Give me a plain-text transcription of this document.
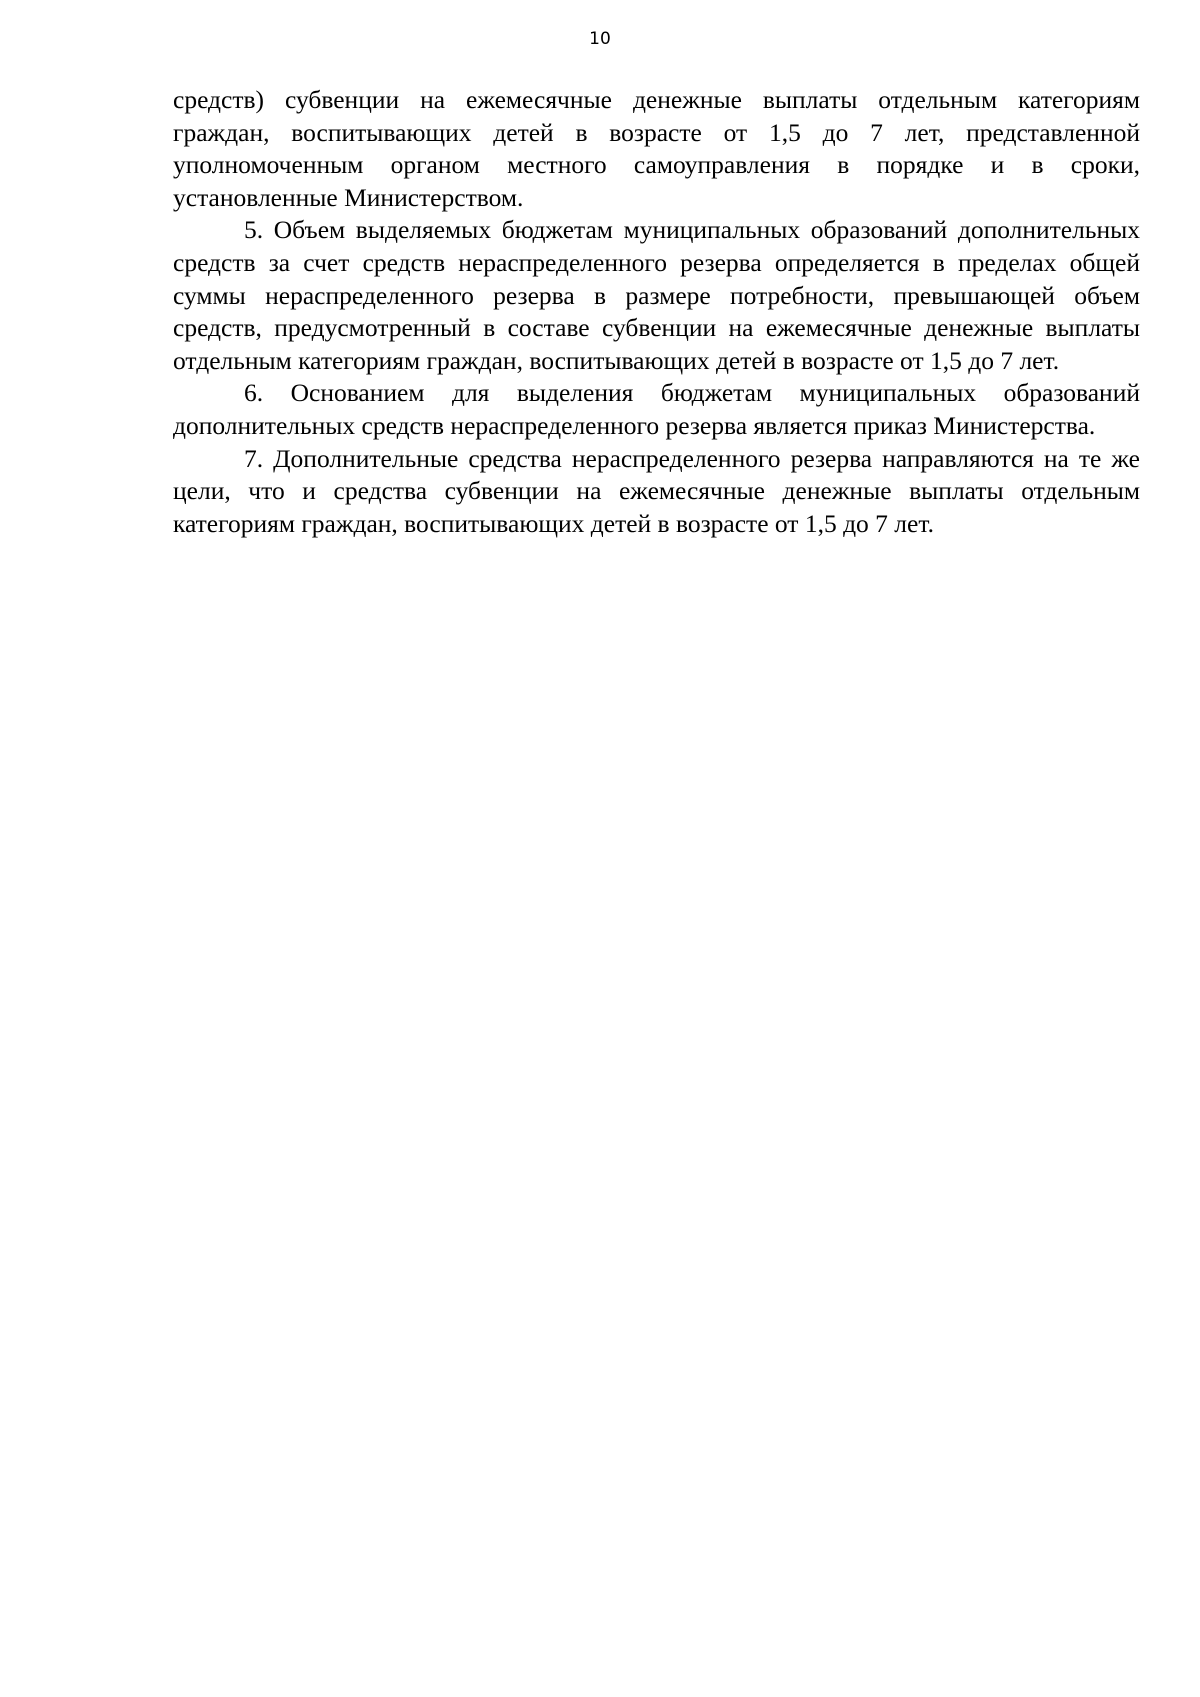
10

средств) субвенции на ежемесячные денежные выплаты отдельным категориям граждан, воспитывающих детей в возрасте от 1,5 до 7 лет, представленной уполномоченным органом местного самоуправления в порядке и в сроки, установленные Министерством.

5. Объем выделяемых бюджетам муниципальных образований дополнительных средств за счет средств нераспределенного резерва определяется в пределах общей суммы нераспределенного резерва в размере потребности, превышающей объем средств, предусмотренный в составе субвенции на ежемесячные денежные выплаты отдельным категориям граждан, воспитывающих детей в возрасте от 1,5 до 7 лет.

6. Основанием для выделения бюджетам муниципальных образований дополнительных средств нераспределенного резерва является приказ Министерства.

7. Дополнительные средства нераспределенного резерва направляются на те же цели, что и средства субвенции на ежемесячные денежные выплаты отдельным категориям граждан, воспитывающих детей в возрасте от 1,5 до 7 лет.
